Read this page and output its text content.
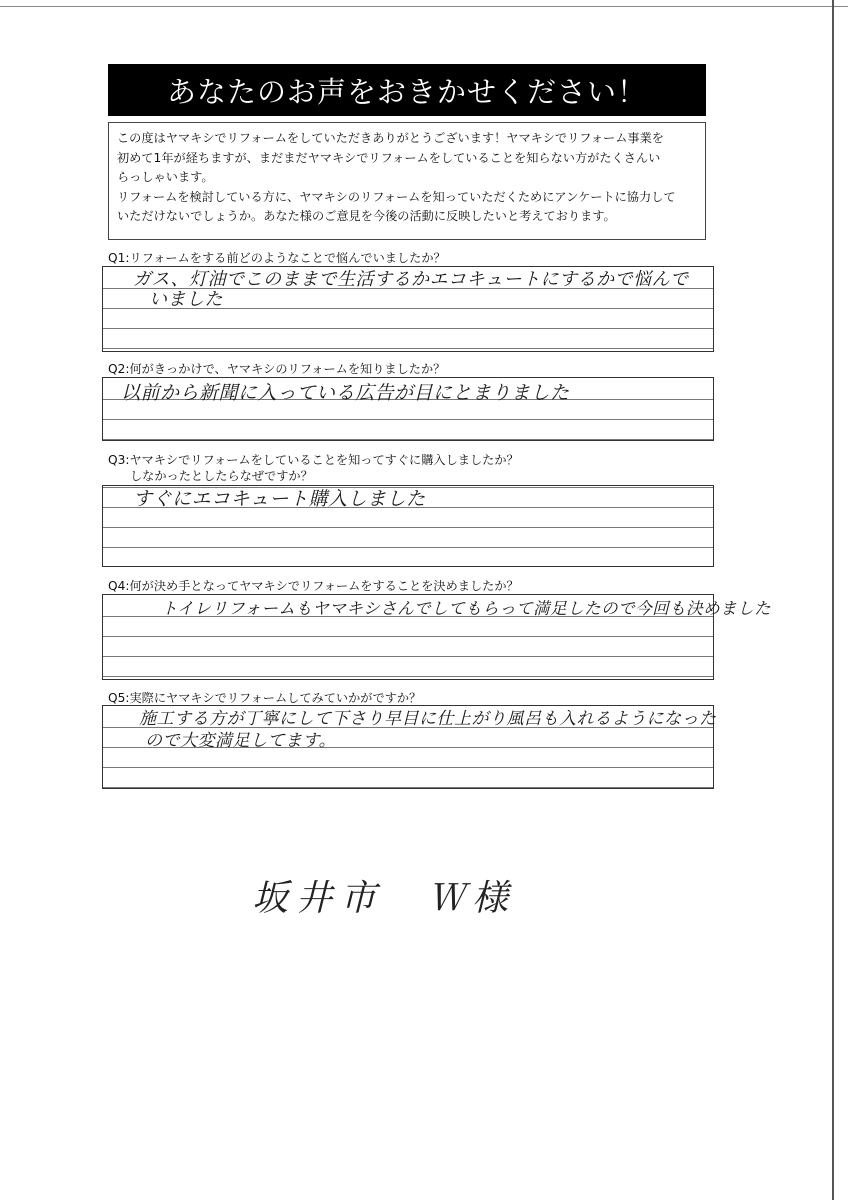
あなたのお声をおきかせください！

この度はヤマキシでリフォームをしていただきありがとうございます！ヤマキシでリフォーム事業を

初めて1年が経ちますが、まだまだヤマキシでリフォームをしていることを知らない方がたくさんい

らっしゃいます。

リフォームを検討している方に、ヤマキシのリフォームを知っていただくためにアンケートに協力して

いただけないでしょうか。あなた様のご意見を今後の活動に反映したいと考えております。

Q1:リフォームをする前どのようなことで悩んでいましたか？
ガス、灯油でこのままで生活するかエコキュートにするかで悩んで
いました
Q2:何がきっかけで、ヤマキシのリフォームを知りましたか？
以前から新聞に入っている広告が目にとまりました
Q3:ヤマキシでリフォームをしていることを知ってすぐに購入しましたか？
しなかったとしたらなぜですか？
すぐにエコキュート購入しました
Q4:何が決め手となってヤマキシでリフォームをすることを決めましたか？
トイレリフォームもヤマキシさんでしてもらって満足したので今回も決めました
Q5:実際にヤマキシでリフォームしてみていかがですか？
施工する方が丁寧にして下さり早目に仕上がり風呂も入れるようになった
ので大変満足してます。
坂井市　Ｗ様
